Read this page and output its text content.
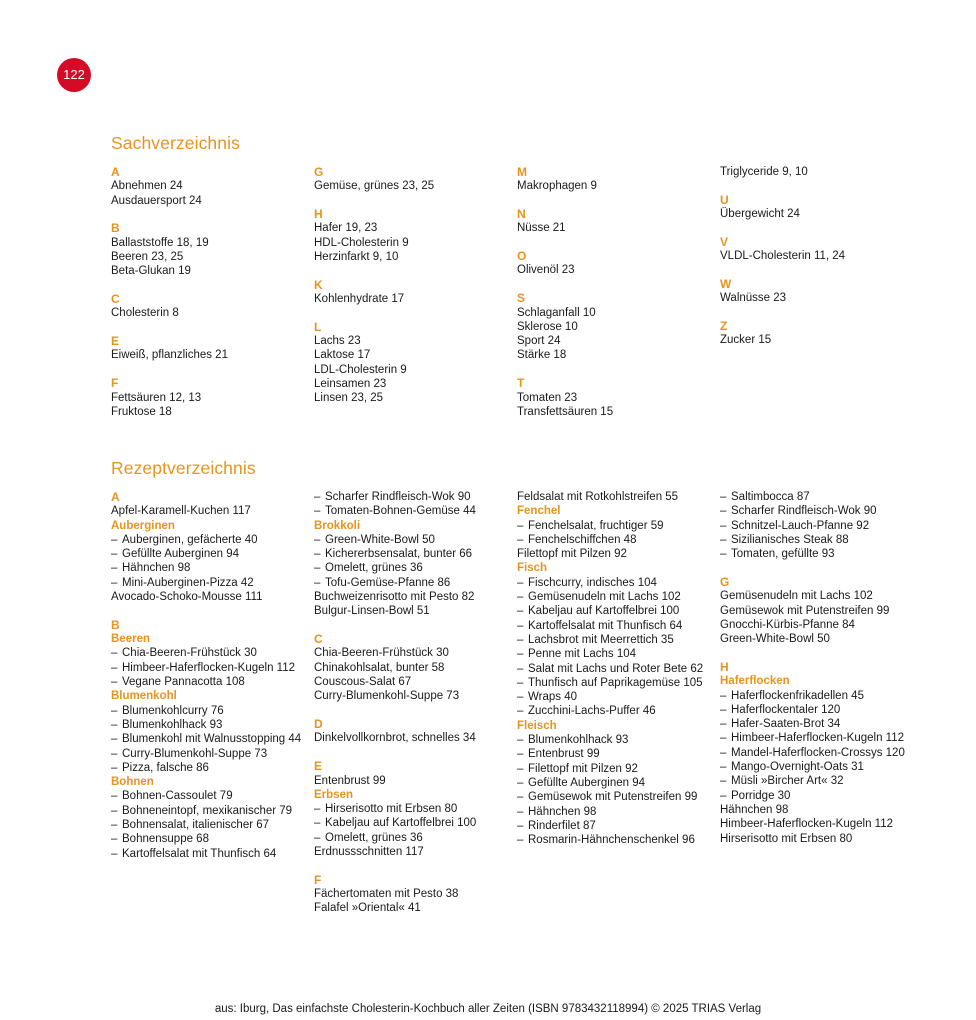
122
Sachverzeichnis
A
Abnehmen 24
Ausdauersport 24
B
Ballaststoffe 18, 19
Beeren 23, 25
Beta-Glukan 19
C
Cholesterin 8
E
Eiweiß, pflanzliches 21
F
Fettsäuren 12, 13
Fruktose 18
G
Gemüse, grünes 23, 25
H
Hafer 19, 23
HDL-Cholesterin 9
Herzinfarkt 9, 10
K
Kohlenhydrate 17
L
Lachs 23
Laktose 17
LDL-Cholesterin 9
Leinsamen 23
Linsen 23, 25
M
Makrophagen 9
N
Nüsse 21
O
Olivenöl 23
S
Schlaganfall 10
Sklerose 10
Sport 24
Stärke 18
T
Tomaten 23
Transfettsäuren 15
Triglyceride 9, 10
U
Übergewicht 24
V
VLDL-Cholesterin 11, 24
W
Walnüsse 23
Z
Zucker 15
Rezeptverzeichnis
A
Apfel-Karamell-Kuchen 117
Auberginen
– Auberginen, gefächerte 40
– Gefüllte Auberginen 94
– Hähnchen 98
– Mini-Auberginen-Pizza 42
Avocado-Schoko-Mousse 111
B
Beeren
– Chia-Beeren-Frühstück 30
– Himbeer-Haferflocken-Kugeln 112
– Vegane Pannacotta 108
Blumenkohl
– Blumenkohlcurry 76
– Blumenkohlhack 93
– Blumenkohl mit Walnusstopping 44
– Curry-Blumenkohl-Suppe 73
– Pizza, falsche 86
Bohnen
– Bohnen-Cassoulet 79
– Bohneneintopf, mexikanischer 79
– Bohnensalat, italienischer 67
– Bohnensuppe 68
– Kartoffelsalat mit Thunfisch 64
– Scharfer Rindfleisch-Wok 90
– Tomaten-Bohnen-Gemüse 44
Brokkoli
– Green-White-Bowl 50
– Kichererbsensalat, bunter 66
– Omelett, grünes 36
– Tofu-Gemüse-Pfanne 86
Buchweizenrisotto mit Pesto 82
Bulgur-Linsen-Bowl 51
C
Chia-Beeren-Frühstück 30
Chinakohlsalat, bunter 58
Couscous-Salat 67
Curry-Blumenkohl-Suppe 73
D
Dinkelvollkornbrot, schnelles 34
E
Entenbrust 99
Erbsen
– Hirserisotto mit Erbsen 80
– Kabeljau auf Kartoffelbrei 100
– Omelett, grünes 36
Erdnussschnitten 117
F
Fächertomaten mit Pesto 38
Falafel »Oriental« 41
Feldsalat mit Rotkohlstreifen 55
Fenchel
– Fenchelsalat, fruchtiger 59
– Fenchelschiffchen 48
Filettopf mit Pilzen 92
Fisch
– Fischcurry, indisches 104
– Gemüsenudeln mit Lachs 102
– Kabeljau auf Kartoffelbrei 100
– Kartoffelsalat mit Thunfisch 64
– Lachsbrot mit Meerrettich 35
– Penne mit Lachs 104
– Salat mit Lachs und Roter Bete 62
– Thunfisch auf Paprikagemüse 105
– Wraps 40
– Zucchini-Lachs-Puffer 46
Fleisch
– Blumenkohlhack 93
– Entenbrust 99
– Filettopf mit Pilzen 92
– Gefüllte Auberginen 94
– Gemüsewok mit Putenstreifen 99
– Hähnchen 98
– Rinderfilet 87
– Rosmarin-Hähnchenschenkel 96
– Saltimbocca 87
– Scharfer Rindfleisch-Wok 90
– Schnitzel-Lauch-Pfanne 92
– Sizilianisches Steak 88
– Tomaten, gefüllte 93
G
Gemüsenudeln mit Lachs 102
Gemüsewok mit Putenstreifen 99
Gnocchi-Kürbis-Pfanne 84
Green-White-Bowl 50
H
Haferflocken
– Haferflockenfrikadellen 45
– Haferflockentaler 120
– Hafer-Saaten-Brot 34
– Himbeer-Haferflocken-Kugeln 112
– Mandel-Haferflocken-Crossys 120
– Mango-Overnight-Oats 31
– Müsli »Bircher Art« 32
– Porridge 30
Hähnchen 98
Himbeer-Haferflocken-Kugeln 112
Hirserisotto mit Erbsen 80
aus: Iburg, Das einfachste Cholesterin-Kochbuch aller Zeiten (ISBN 9783432118994) © 2025 TRIAS Verlag
